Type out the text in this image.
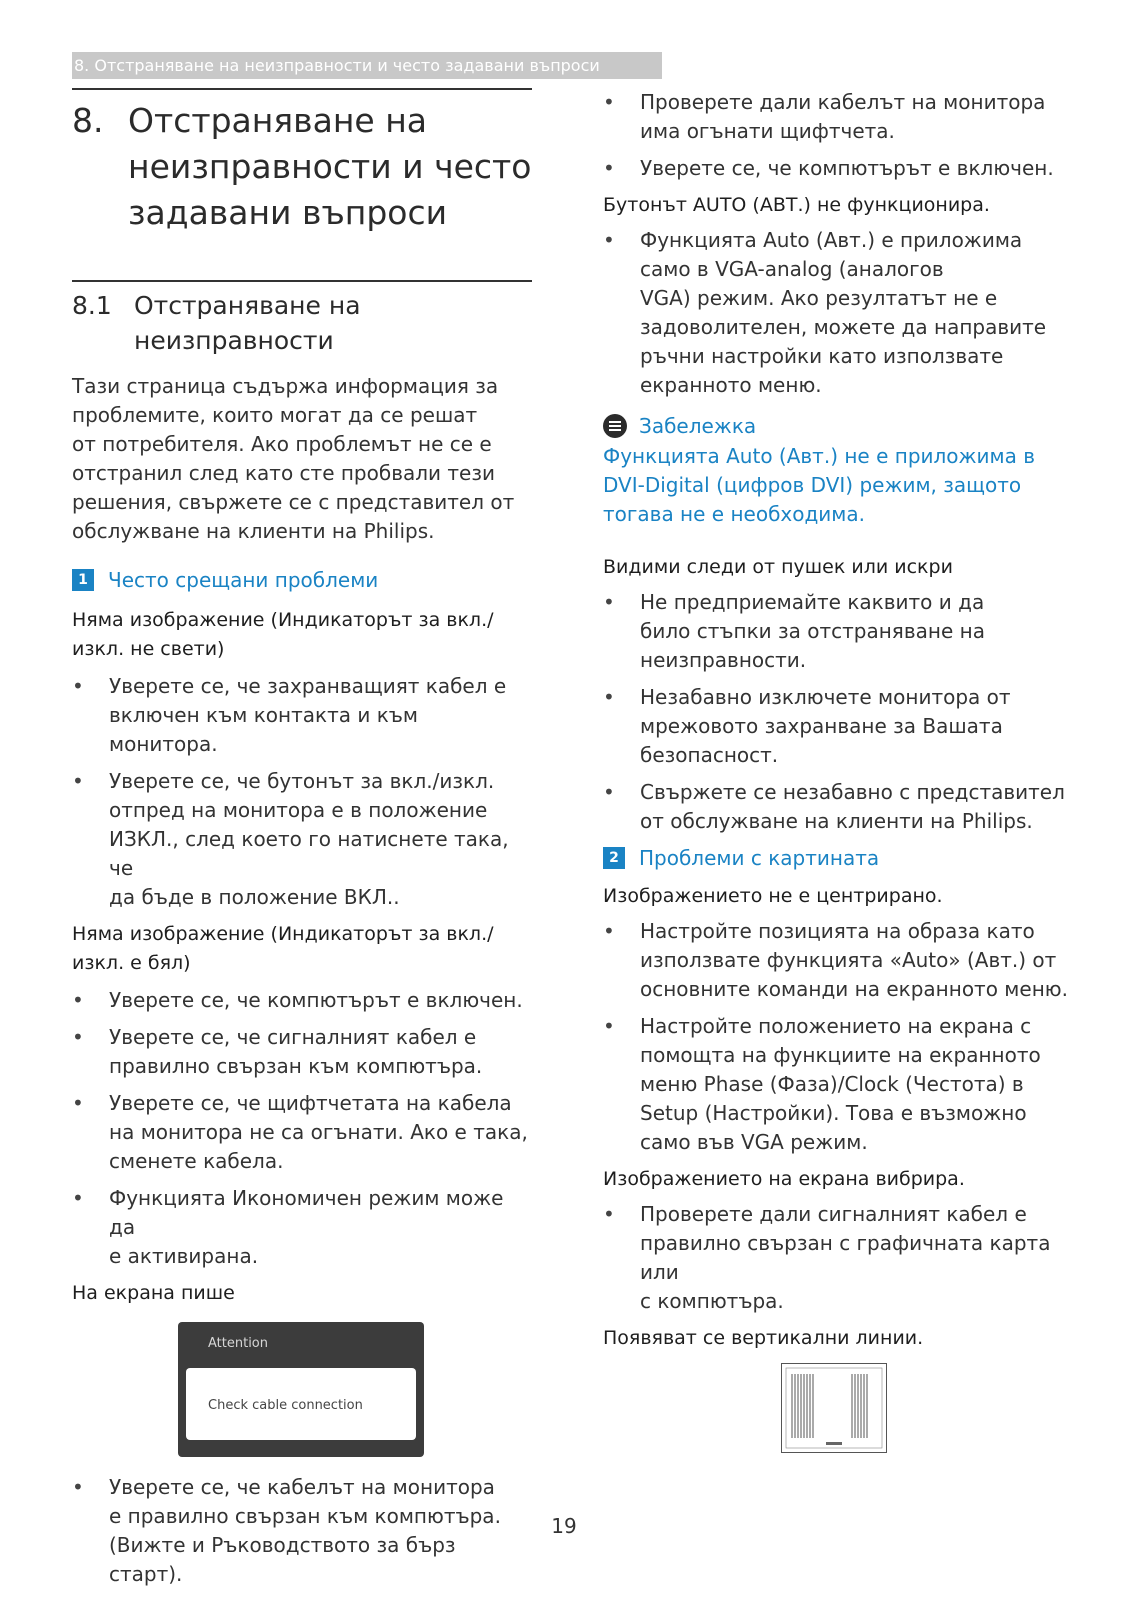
8. Отстраняване на неизправности и често задавани въпроси
8. Отстраняване на
неизправности и често
задавани въпроси
8.1 Отстраняване на
неизправности

Тази страница съдържа информация за
проблемите, които могат да се решат
от потребителя. Ако проблемът не се е
отстранил след като сте пробвали тези
решения, свържете се с представител от
обслужване на клиенти на Philips.

1	Често срещани проблеми
Няма изображение (Индикаторът за вкл./
изкл. не свети)
• Уверете се, че захранващият кабел е
включен към контакта и към монитора.
• Уверете се, че бутонът за вкл./изкл.
отпред на монитора е в положение
ИЗКЛ., след което го натиснете така, че
да бъде в положение ВКЛ..
Няма изображение (Индикаторът за вкл./
изкл. е бял)
• Уверете се, че компютърът е включен.
• Уверете се, че сигналният кабел е
правилно свързан към компютъра.
• Уверете се, че щифтчетата на кабела
на монитора не са огънати. Ако е така,
сменете кабела.
• Функцията Икономичен режим може да
е активирана.
На екрана пише
Attention
Check cable connection
• Уверете се, че кабелът на монитора
е правилно свързан към компютъра.
(Вижте и Ръководството за бърз старт).
• Проверете дали кабелът на монитора
има огънати щифтчета.
• Уверете се, че компютърът е включен.
Бутонът AUTO (АВТ.) не функционира.
• Функцията Auto (Авт.) е приложима
само в VGA-analog (аналогов
VGA) режим. Ако резултатът не е
задоволителен, можете да направите
ръчни настройки като използвате
екранното меню.
Забележка

Функцията Auto (Авт.) не е приложима в
DVI-Digital (цифров DVI) режим, защото
тогава не е необходима.

Видими следи от пушек или искри
• Не предприемайте каквито и да
било стъпки за отстраняване на
неизправности.
• Незабавно изключете монитора от
мрежовото захранване за Вашата
безопасност.
• Свържете се незабавно с представител
от обслужване на клиенти на Philips.
2	Проблеми с картината
Изображението не е центрирано.
• Настройте позицията на образа като
използвате функцията «Auto» (Авт.) от
основните команди на екранното меню.
• Настройте положението на екрана с
помощта на функциите на екранното
меню Phase (Фаза)/Clock (Честота) в
Setup (Настройки). Това е възможно
само във VGA режим.
Изображението на екрана вибрира.
• Проверете дали сигналният кабел е
правилно свързан с графичната карта или
с компютъра.
Появяват се вертикални линии.
19
